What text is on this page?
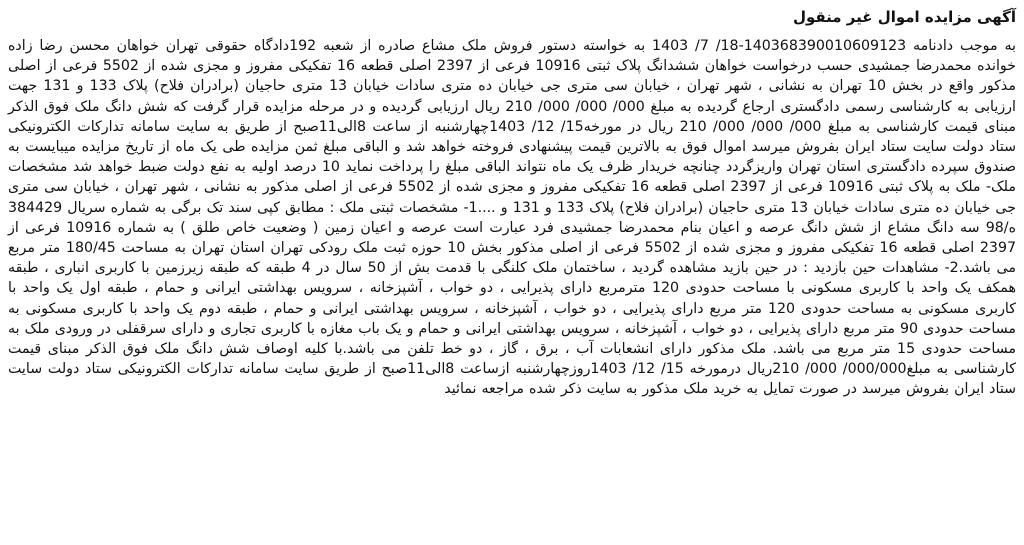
آگهی مزایده اموال غیر منقول

به موجب دادنامه 140368390010609123-18/ 7/ 1403 به خواسته دستور فروش ملک مشاع صادره از شعبه 192دادگاه حقوقی تهران خواهان محسن رضا زاده خوانده محمدرضا جمشیدی حسب درخواست خواهان ششدانگ پلاک ثبتی 10916 فرعی از 2397 اصلی قطعه 16 تفکیکی مفروز و مجزی شده از 5502 فرعی از اصلی مذکور واقع در بخش 10 تهران به نشانی ، شهر تهران ، خیابان سی متری جی خیابان ده متری سادات خیابان 13 متری حاجیان (برادران فلاح) پلاک 133 و 131 جهت ارزیابی به کارشناسی رسمی دادگستری ارجاع گردیده به مبلغ 000/ 000/ 000/ 210 ریال ارزیابی گردیده و در مرحله مزایده قرار گرفت که شش دانگ ملک فوق الذکر مبنای قیمت کارشناسی به مبلغ 000/ 000/ 000/ 210 ریال در مورخه15/ 12/ 1403چهارشنبه از ساعت 8الی11صبح از طریق به سایت سامانه تدارکات الکترونیکی ستاد دولت سایت ستاد ایران بفروش میرسد اموال فوق به بالاترین قیمت پیشنهادی فروخته خواهد شد و الباقی مبلغ ثمن مزایده طی یک ماه از تاریخ مزایده میبایست به صندوق سپرده دادگستری استان تهران واریزگردد چنانچه خریدار ظرف یک ماه نتواند الباقی مبلغ را پرداخت نماید 10 درصد اولیه به نفع دولت ضبط خواهد شد مشخصات ملک- ملک به پلاک ثبتی 10916 فرعی از 2397 اصلی قطعه 16 تفکیکی مفروز و مجزی شده از 5502 فرعی از اصلی مذکور به نشانی ، شهر تهران ، خیابان سی متری جی خیابان ده متری سادات خیابان 13 متری حاجیان (برادران فلاح) پلاک 133 و 131 و ....1- مشخصات ثبتی ملک : مطابق کپی سند تک برگی به شماره سریال 384429 ه/98 سه دانگ مشاع از شش دانگ عرصه و اعیان بنام محمدرضا جمشیدی فرد عبارت است عرصه و اعیان زمین ( وضعیت خاص طلق ) به شماره 10916 فرعی از 2397 اصلی قطعه 16 تفکیکی مفروز و مجزی شده از 5502 فرعی از اصلی مذکور بخش 10 حوزه ثبت ملک رودکی تهران استان تهران به مساحت 180/45 متر مربع می باشد.2- مشاهدات حین بازدید : در حین بازید مشاهده گردید ، ساختمان ملک کلنگی با قدمت بش از 50 سال در 4 طبقه که طبقه زیرزمین با کاربری انباری ، طبقه همکف یک واحد با کاربری مسکونی با مساحت حدودی 120 مترمربع دارای پذیرایی ، دو خواب ، آشپزخانه ، سرویس بهداشتی ایرانی و حمام ، طبقه اول یک واحد با کاربری مسکونی به مساحت حدودی 120 متر مربع دارای پذیرایی ، دو خواب ، آشپزخانه ، سرویس بهداشتی ایرانی و حمام ، طبقه دوم یک واحد با کاربری مسکونی به مساحت حدودی 90 متر مربع دارای پذیرایی ، دو خواب ، آشپزخانه ، سرویس بهداشتی ایرانی و حمام و یک باب مغازه با کاربری تجاری و دارای سرقفلی در ورودی ملک به مساحت حدودی 15 متر مربع می باشد. ملک مذکور دارای انشعابات آب ، برق ، گاز ، دو خط تلفن می باشد.با کلیه اوصاف شش دانگ ملک فوق الذکر مبنای قیمت کارشناسی به مبلغ000/000/ 000/ 210ریال درمورخه 15/ 12/ 1403روزچهارشنبه ازساعت 8الی11صبح از طریق سایت سامانه تدارکات الکترونیکی ستاد دولت سایت ستاد ایران بفروش میرسد در صورت تمایل به خرید ملک مذکور به سایت ذکر شده مراجعه نمائید
